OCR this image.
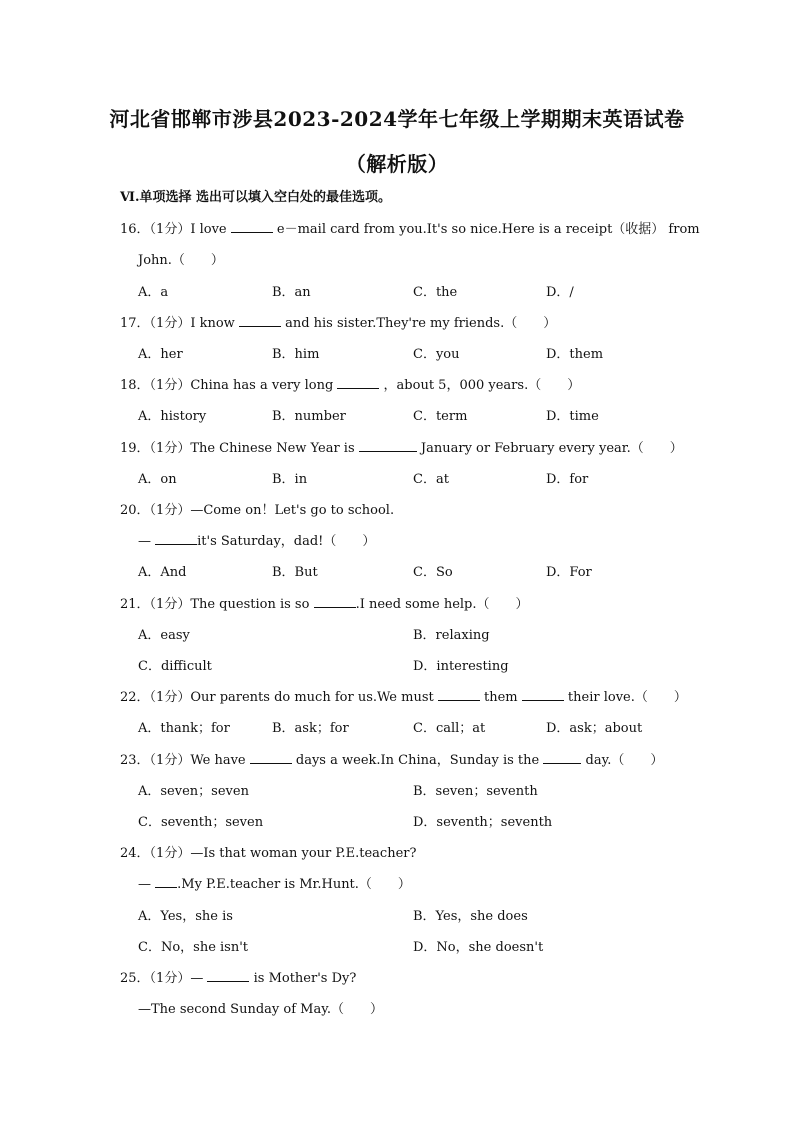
河北省邯郸市涉县2023-2024学年七年级上学期期末英语试卷
（解析版）
Ⅵ.单项选择 选出可以填入空白处的最佳选项。
16．（1分）I love	e－mail card from you.It's so nice.Here is a receipt（收据） from
John.（　　）
A．a	B．an	C．the	D．/
17．（1分）I know	and his sister.They're my friends.（　　）
A．her	B．him	C．you	D．them
18．（1分）China has a very long	，about 5，000 years.（　　）
A．history	B．number	C．term	D．time
19．（1分）The Chinese New Year is	January or February every year.（　　）
A．on	B．in	C．at	D．for
20．（1分）—Come on！Let's go to school.
—	it's Saturday，dad!（　　）
A．And	B．But	C．So	D．For
21．（1分）The question is so	.I need some help.（　　）
A．easy	B．relaxing
C．difficult	D．interesting
22．（1分）Our parents do much for us.We must	them	their love.（　　）
A．thank；for	B．ask；for	C．call；at	D．ask；about
23．（1分）We have	days a week.In China，Sunday is the	day.（　　）
A．seven；seven	B．seven；seventh
C．seventh；seven	D．seventh；seventh
24．（1分）—Is that woman your P.E.teacher?
— .My P.E.teacher is Mr.Hunt.（　　）
A．Yes，she is	B．Yes，she does
C．No，she isn't	D．No，she doesn't
25．（1分）—	is Mother's Dy?
—The second Sunday of May.（　　）
